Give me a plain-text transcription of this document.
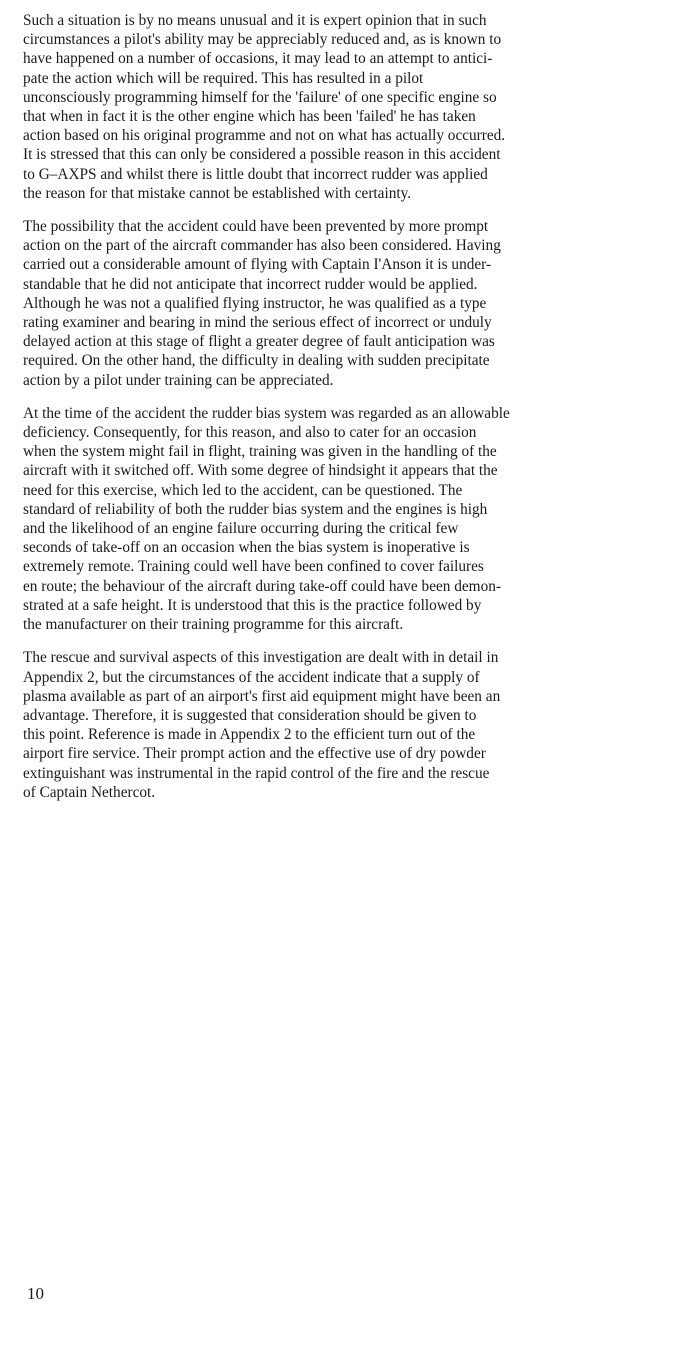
Such a situation is by no means unusual and it is expert opinion that in such
circumstances a pilot's ability may be appreciably reduced and, as is known to
have happened on a number of occasions, it may lead to an attempt to antici-
pate the action which will be required. This has resulted in a pilot
unconsciously programming himself for the 'failure' of one specific engine so
that when in fact it is the other engine which has been 'failed' he has taken
action based on his original programme and not on what has actually occurred.
It is stressed that this can only be considered a possible reason in this accident
to G–AXPS and whilst there is little doubt that incorrect rudder was applied
the reason for that mistake cannot be established with certainty.

The possibility that the accident could have been prevented by more prompt
action on the part of the aircraft commander has also been considered. Having
carried out a considerable amount of flying with Captain I'Anson it is under-
standable that he did not anticipate that incorrect rudder would be applied.
Although he was not a qualified flying instructor, he was qualified as a type
rating examiner and bearing in mind the serious effect of incorrect or unduly
delayed action at this stage of flight a greater degree of fault anticipation was
required. On the other hand, the difficulty in dealing with sudden precipitate
action by a pilot under training can be appreciated.

At the time of the accident the rudder bias system was regarded as an allowable
deficiency. Consequently, for this reason, and also to cater for an occasion
when the system might fail in flight, training was given in the handling of the
aircraft with it switched off. With some degree of hindsight it appears that the
need for this exercise, which led to the accident, can be questioned. The
standard of reliability of both the rudder bias system and the engines is high
and the likelihood of an engine failure occurring during the critical few
seconds of take-off on an occasion when the bias system is inoperative is
extremely remote. Training could well have been confined to cover failures
en route; the behaviour of the aircraft during take-off could have been demon-
strated at a safe height. It is understood that this is the practice followed by
the manufacturer on their training programme for this aircraft.

The rescue and survival aspects of this investigation are dealt with in detail in
Appendix 2, but the circumstances of the accident indicate that a supply of
plasma available as part of an airport's first aid equipment might have been an
advantage. Therefore, it is suggested that consideration should be given to
this point. Reference is made in Appendix 2 to the efficient turn out of the
airport fire service. Their prompt action and the effective use of dry powder
extinguishant was instrumental in the rapid control of the fire and the rescue
of Captain Nethercot.

10
